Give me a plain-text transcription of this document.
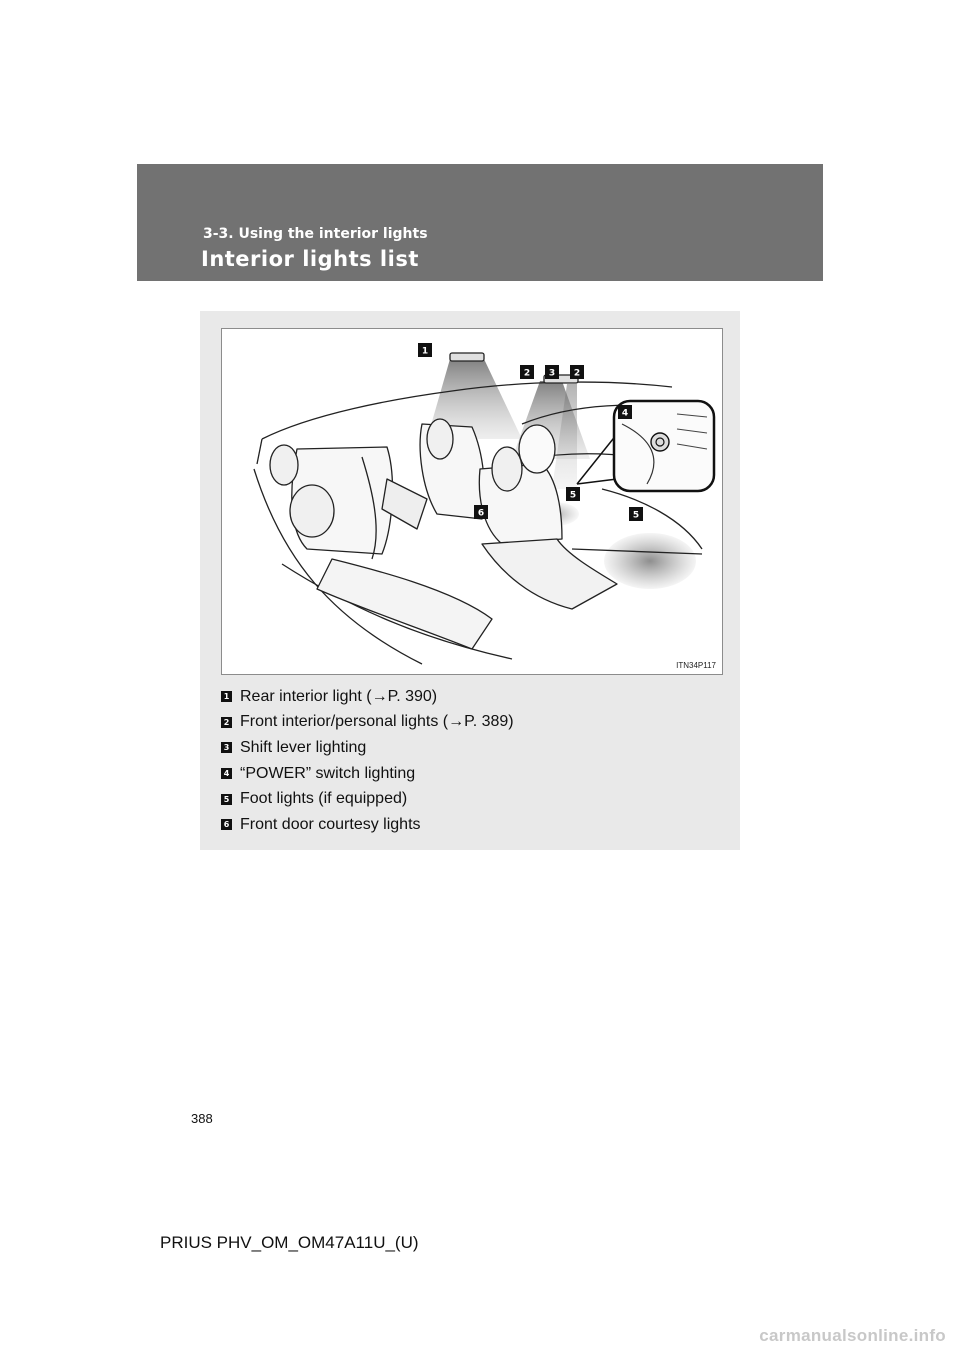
3-3. Using the interior lights
Interior lights list
1
2 3 2
4
5
6	5
ITN34P117
1 Rear interior light (→P. 390)
2 Front interior/personal lights (→P. 389)
3 Shift lever lighting
4 “POWER” switch lighting
5 Foot lights (if equipped)
6 Front door courtesy lights
388
PRIUS PHV_OM_OM47A11U_(U)
carmanualsonline.info
